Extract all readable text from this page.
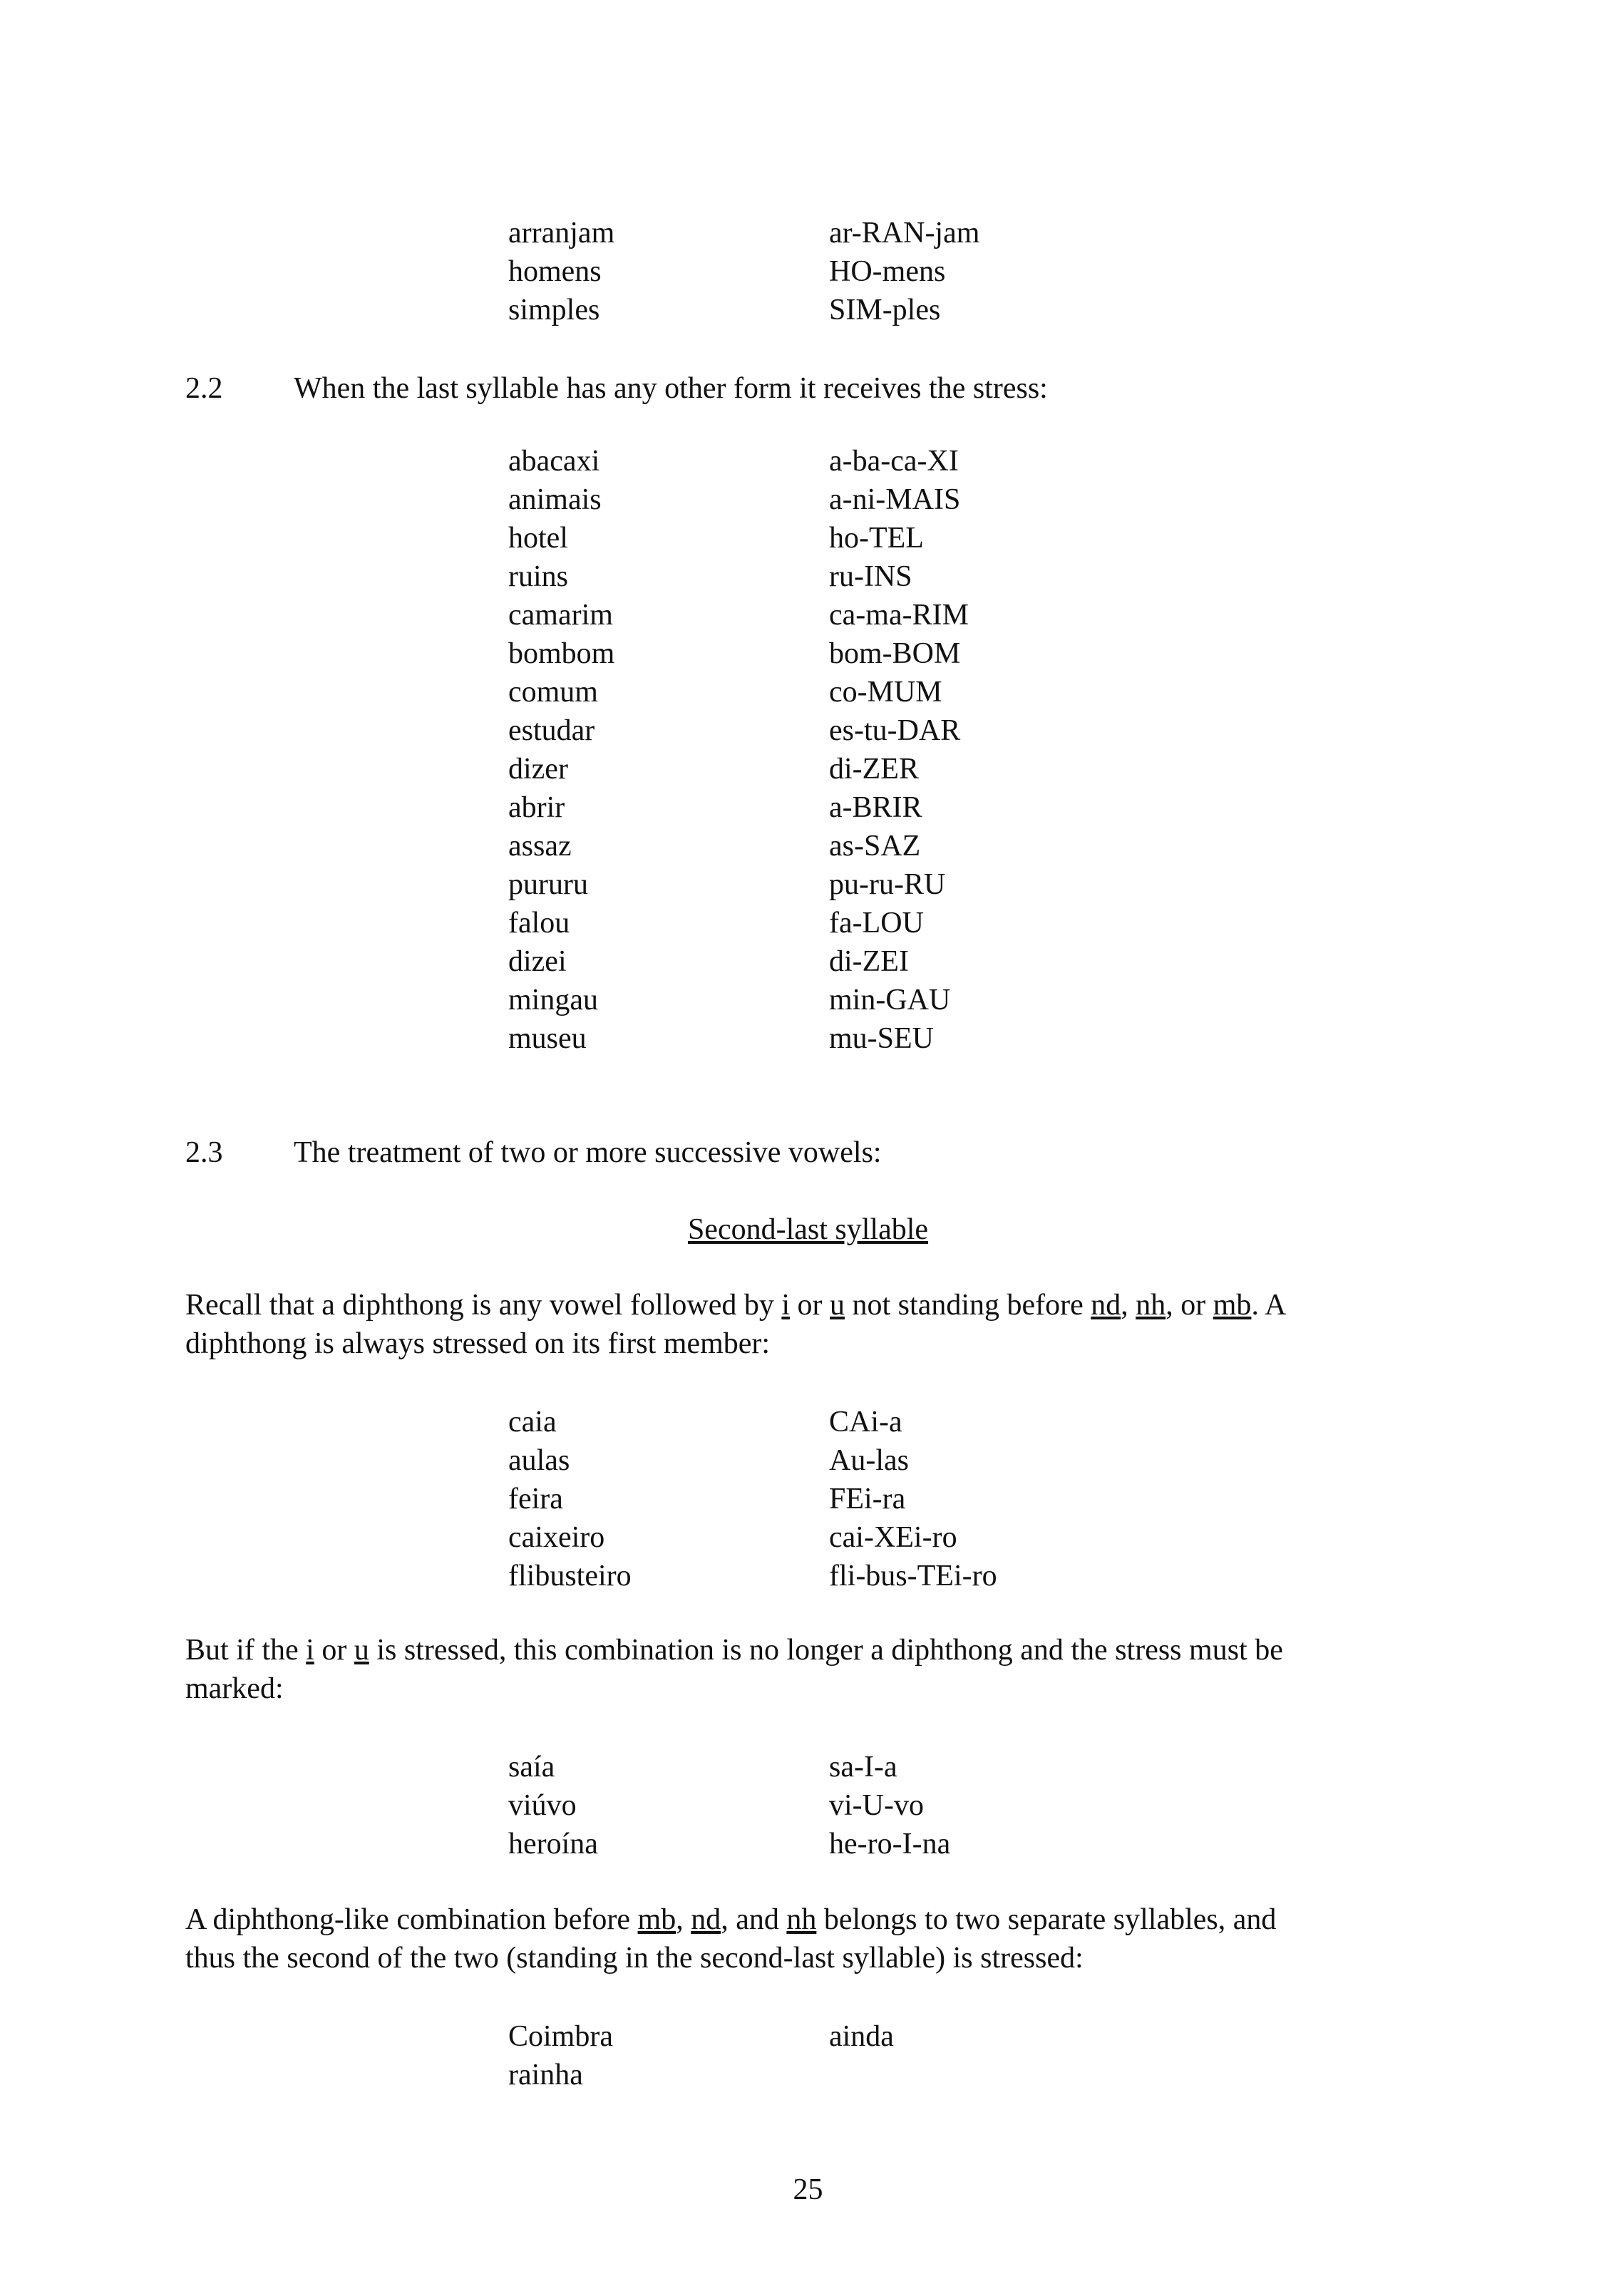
arranjam	ar-RAN-jam
homens	HO-mens
simples	SIM-ples
2.2 When the last syllable has any other form it receives the stress:
abacaxi	a-ba-ca-XI
animais	a-ni-MAIS
hotel	ho-TEL
ruins	ru-INS
camarim	ca-ma-RIM
bombom	bom-BOM
comum	co-MUM
estudar	es-tu-DAR
dizer	di-ZER
abrir	a-BRIR
assaz	as-SAZ
pururu	pu-ru-RU
falou	fa-LOU
dizei	di-ZEI
mingau	min-GAU
museu	mu-SEU
2.3 The treatment of two or more successive vowels:
Second-last syllable
Recall that a diphthong is any vowel followed by i or u not standing before nd, nh, or mb. A
diphthong is always stressed on its first member:
caia	CAi-a
aulas	Au-las
feira	FEi-ra
caixeiro	cai-XEi-ro
flibusteiro	fli-bus-TEi-ro
But if the i or u is stressed, this combination is no longer a diphthong and the stress must be
marked:
saía	sa-I-a
viúvo	vi-U-vo
heroína	he-ro-I-na
A diphthong-like combination before mb, nd, and nh belongs to two separate syllables, and
thus the second of the two (standing in the second-last syllable) is stressed:
Coimbra	ainda
rainha
25
